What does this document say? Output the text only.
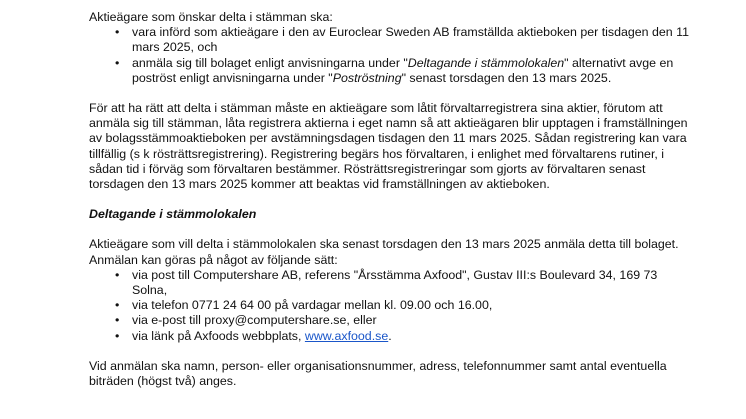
Aktieägare som önskar delta i stämman ska:

• vara införd som aktieägare i den av Euroclear Sweden AB framställda aktieboken per tisdagen den 11 mars 2025, och
• anmäla sig till bolaget enligt anvisningarna under "Deltagande i stämmolokalen" alternativt avge en poströst enligt anvisningarna under "Poströstning" senast torsdagen den 13 mars 2025.

För att ha rätt att delta i stämman måste en aktieägare som låtit förvaltarregistrera sina aktier, förutom att anmäla sig till stämman, låta registrera aktierna i eget namn så att aktieägaren blir upptagen i framställningen av bolagsstämmoaktieboken per avstämningsdagen tisdagen den 11 mars 2025. Sådan registrering kan vara tillfällig (s k rösträttsregistrering). Registrering begärs hos förvaltaren, i enlighet med förvaltarens rutiner, i sådan tid i förväg som förvaltaren bestämmer. Rösträttsregistreringar som gjorts av förvaltaren senast torsdagen den 13 mars 2025 kommer att beaktas vid framställningen av aktieboken.

Deltagande i stämmolokalen

Aktieägare som vill delta i stämmolokalen ska senast torsdagen den 13 mars 2025 anmäla detta till bolaget. Anmälan kan göras på något av följande sätt:

• via post till Computershare AB, referens "Årsstämma Axfood", Gustav III:s Boulevard 34, 169 73 Solna,
• via telefon 0771 24 64 00 på vardagar mellan kl. 09.00 och 16.00,
• via e-post till proxy@computershare.se, eller
• via länk på Axfoods webbplats, www.axfood.se.

Vid anmälan ska namn, person- eller organisationsnummer, adress, telefonnummer samt antal eventuella biträden (högst två) anges.
